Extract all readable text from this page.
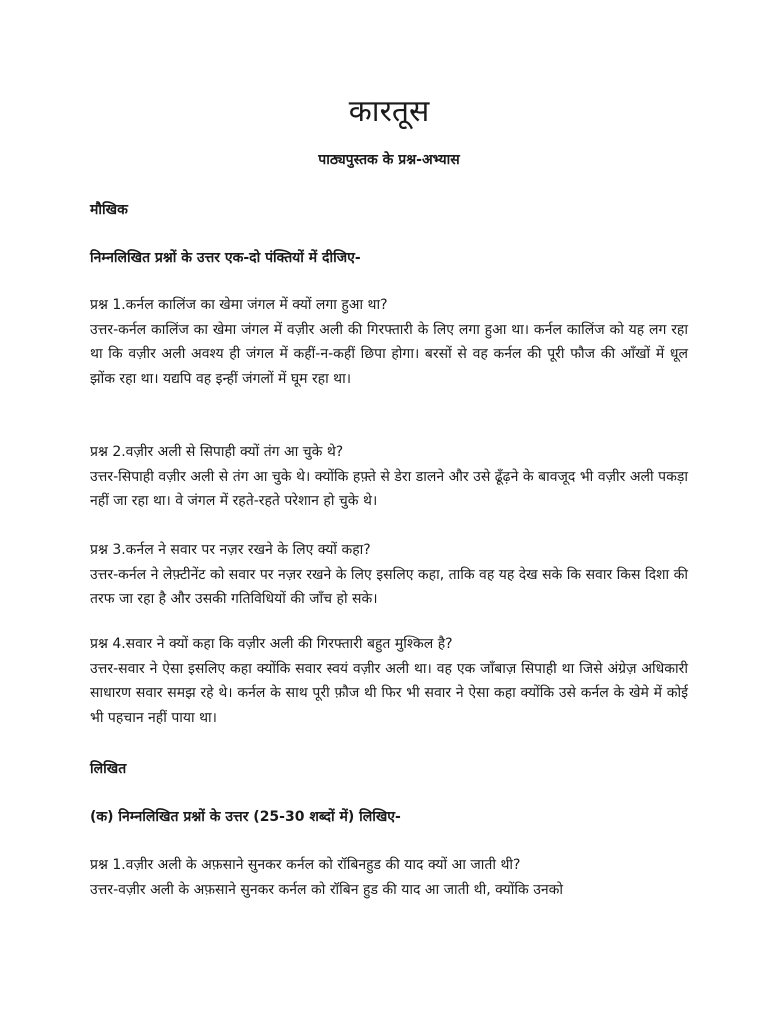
कारतूस
पाठ्यपुस्तक के प्रश्न-अभ्यास
मौखिक
निम्नलिखित प्रश्नों के उत्तर एक-दो पंक्तियों में दीजिए-

प्रश्न 1.कर्नल कालिंज का खेमा जंगल में क्यों लगा हुआ था?

उत्तर-कर्नल कालिंज का खेमा जंगल में वज़ीर अली की गिरफ्तारी के लिए लगा हुआ था। कर्नल कालिंज को यह लग रहा था कि वज़ीर अली अवश्य ही जंगल में कहीं-न-कहीं छिपा होगा। बरसों से वह कर्नल की पूरी फौज की आँखों में धूल झोंक रहा था। यद्यपि वह इन्हीं जंगलों में घूम रहा था।

प्रश्न 2.वज़ीर अली से सिपाही क्यों तंग आ चुके थे?

उत्तर-सिपाही वज़ीर अली से तंग आ चुके थे। क्योंकि हफ़्ते से डेरा डालने और उसे ढूँढ़ने के बावजूद भी वज़ीर अली पकड़ा नहीं जा रहा था। वे जंगल में रहते-रहते परेशान हो चुके थे।

प्रश्न 3.कर्नल ने सवार पर नज़र रखने के लिए क्यों कहा?

उत्तर-कर्नल ने लेफ़्टीनेंट को सवार पर नज़र रखने के लिए इसलिए कहा, ताकि वह यह देख सके कि सवार किस दिशा की तरफ जा रहा है और उसकी गतिविधियों की जाँच हो सके।

प्रश्न 4.सवार ने क्यों कहा कि वज़ीर अली की गिरफ्तारी बहुत मुश्किल है?

उत्तर-सवार ने ऐसा इसलिए कहा क्योंकि सवार स्वयं वज़ीर अली था। वह एक जाँबाज़ सिपाही था जिसे अंग्रेज़ अधिकारी साधारण सवार समझ रहे थे। कर्नल के साथ पूरी फ़ौज थी फिर भी सवार ने ऐसा कहा क्योंकि उसे कर्नल के खेमे में कोई भी पहचान नहीं पाया था।

लिखित
(क) निम्नलिखित प्रश्नों के उत्तर (25-30 शब्दों में) लिखिए-

प्रश्न 1.वज़ीर अली के अफ़साने सुनकर कर्नल को रॉबिनहुड की याद क्यों आ जाती थी?

उत्तर-वज़ीर अली के अफ़साने सुनकर कर्नल को रॉबिन हुड की याद आ जाती थी, क्योंकि उनको
